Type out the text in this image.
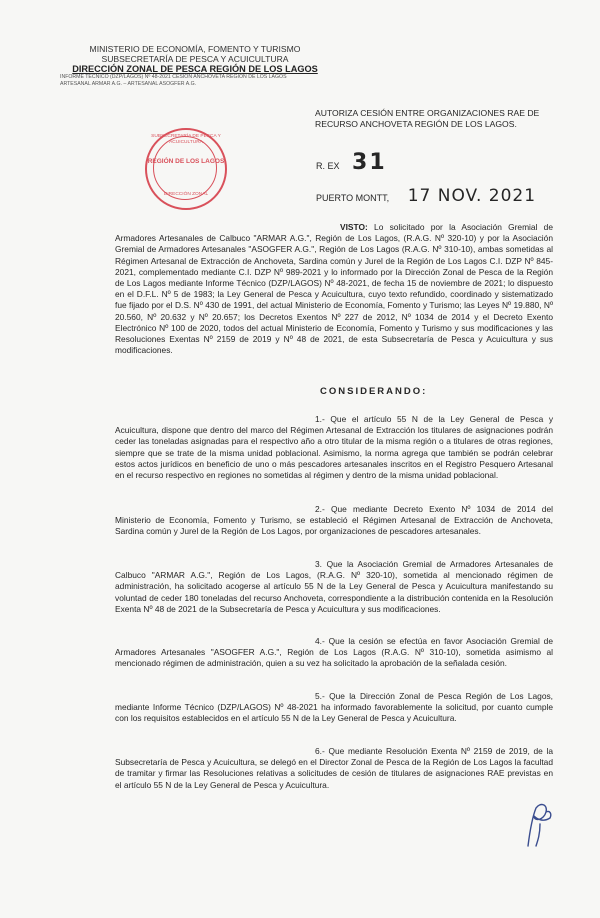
MINISTERIO DE ECONOMÍA, FOMENTO Y TURISMO
SUBSECRETARÍA DE PESCA Y ACUICULTURA
DIRECCIÓN ZONAL DE PESCA REGIÓN DE LOS LAGOS
INFORME TÉCNICO (DZP/LAGOS) Nº 48-2021 CESIÓN ANCHOVETA REGIÓN DE LOS LAGOS
ARTESANAL ARMAR A.G. – ARTESANAL ASOGFER A.G.
SUBSECRETARÍA DE PESCA Y ACUICULTURA
REGIÓN DE LOS LAGOS
DIRECCIÓN ZONAL
AUTORIZA CESIÓN ENTRE ORGANIZACIONES RAE DE RECURSO ANCHOVETA REGIÓN DE LOS LAGOS.
R. EX 31
PUERTO MONTT, 17 NOV. 2021
VISTO: Lo solicitado por la Asociación Gremial de Armadores Artesanales de Calbuco "ARMAR A.G.", Región de Los Lagos, (R.A.G. Nº 320-10) y por la Asociación Gremial de Armadores Artesanales "ASOGFER A.G.", Región de Los Lagos (R.A.G. Nº 310-10), ambas sometidas al Régimen Artesanal de Extracción de Anchoveta, Sardina común y Jurel de la Región de Los Lagos C.I. DZP Nº 845-2021, complementado mediante C.I. DZP Nº 989-2021 y lo informado por la Dirección Zonal de Pesca de la Región de Los Lagos mediante Informe Técnico (DZP/LAGOS) Nº 48-2021, de fecha 15 de noviembre de 2021; lo dispuesto en el D.F.L. Nº 5 de 1983; la Ley General de Pesca y Acuicultura, cuyo texto refundido, coordinado y sistematizado fue fijado por el D.S. Nº 430 de 1991, del actual Ministerio de Economía, Fomento y Turismo; las Leyes Nº 19.880, Nº 20.560, Nº 20.632 y Nº 20.657; los Decretos Exentos Nº 227 de 2012, Nº 1034 de 2014 y el Decreto Exento Electrónico Nº 100 de 2020, todos del actual Ministerio de Economía, Fomento y Turismo y sus modificaciones y las Resoluciones Exentas Nº 2159 de 2019 y Nº 48 de 2021, de esta Subsecretaría de Pesca y Acuicultura y sus modificaciones.
CONSIDERANDO:
1.- Que el artículo 55 N de la Ley General de Pesca y Acuicultura, dispone que dentro del marco del Régimen Artesanal de Extracción los titulares de asignaciones podrán ceder las toneladas asignadas para el respectivo año a otro titular de la misma región o a titulares de otras regiones, siempre que se trate de la misma unidad poblacional. Asimismo, la norma agrega que también se podrán celebrar estos actos jurídicos en beneficio de uno o más pescadores artesanales inscritos en el Registro Pesquero Artesanal en el recurso respectivo en regiones no sometidas al régimen y dentro de la misma unidad poblacional.
2.- Que mediante Decreto Exento Nº 1034 de 2014 del Ministerio de Economía, Fomento y Turismo, se estableció el Régimen Artesanal de Extracción de Anchoveta, Sardina común y Jurel de la Región de Los Lagos, por organizaciones de pescadores artesanales.
3. Que la Asociación Gremial de Armadores Artesanales de Calbuco "ARMAR A.G.", Región de Los Lagos, (R.A.G. Nº 320-10), sometida al mencionado régimen de administración, ha solicitado acogerse al artículo 55 N de la Ley General de Pesca y Acuicultura manifestando su voluntad de ceder 180 toneladas del recurso Anchoveta, correspondiente a la distribución contenida en la Resolución Exenta Nº 48 de 2021 de la Subsecretaría de Pesca y Acuicultura y sus modificaciones.
4.- Que la cesión se efectúa en favor Asociación Gremial de Armadores Artesanales "ASOGFER A.G.", Región de Los Lagos (R.A.G. Nº 310-10), sometida asimismo al mencionado régimen de administración, quien a su vez ha solicitado la aprobación de la señalada cesión.
5.- Que la Dirección Zonal de Pesca Región de Los Lagos, mediante Informe Técnico (DZP/LAGOS) Nº 48-2021 ha informado favorablemente la solicitud, por cuanto cumple con los requisitos establecidos en el artículo 55 N de la Ley General de Pesca y Acuicultura.
6.- Que mediante Resolución Exenta Nº 2159 de 2019, de la Subsecretaría de Pesca y Acuicultura, se delegó en el Director Zonal de Pesca de la Región de Los Lagos la facultad de tramitar y firmar las Resoluciones relativas a solicitudes de cesión de titulares de asignaciones RAE previstas en el artículo 55 N de la Ley General de Pesca y Acuicultura.
